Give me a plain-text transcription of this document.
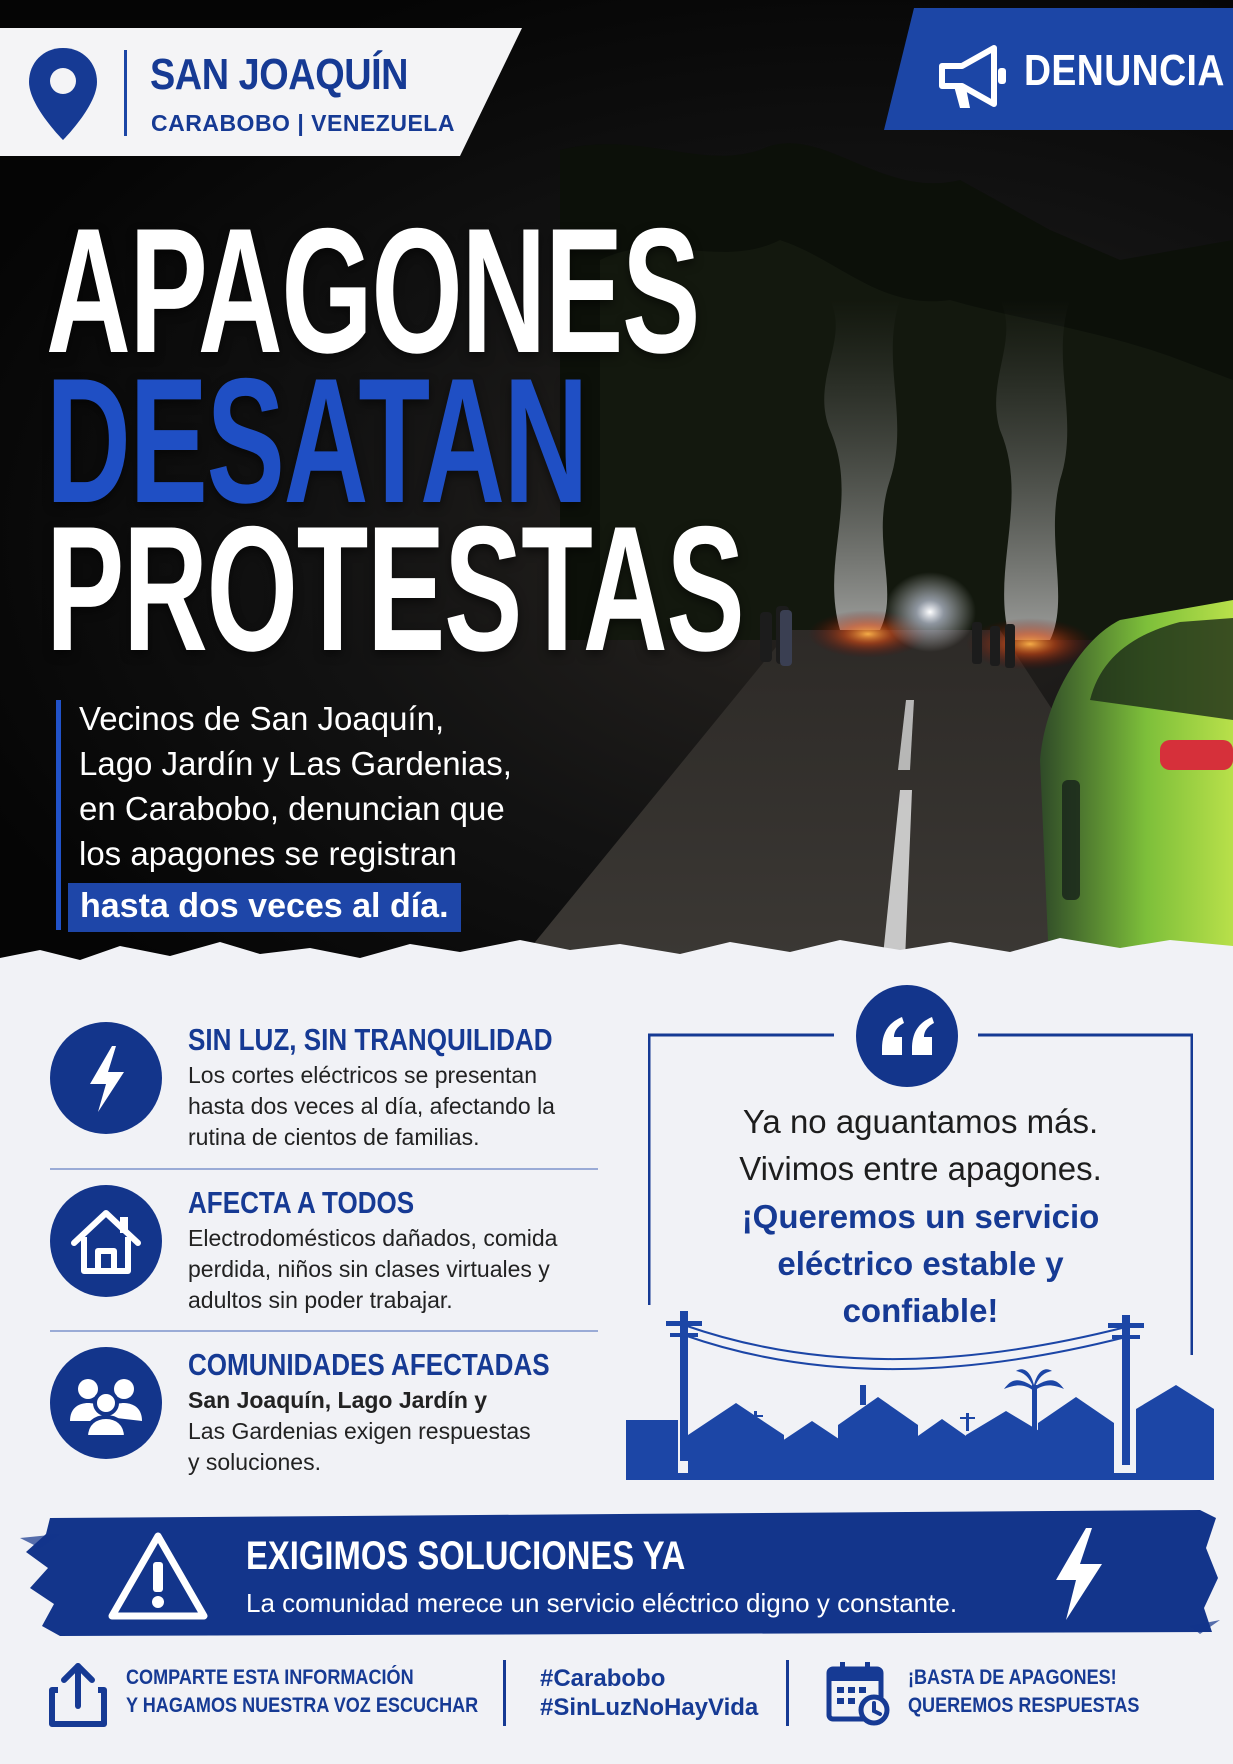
SAN JOAQUÍN
CARABOBO | VENEZUELA
DENUNCIA
APAGONES
DESATAN
PROTESTAS
Vecinos de San Joaquín,
Lago Jardín y Las Gardenias,
en Carabobo, denuncian que
los apagones se registran
hasta dos veces al día.
SIN LUZ, SIN TRANQUILIDAD
Los cortes eléctricos se presentan
hasta dos veces al día, afectando la
rutina de cientos de familias.
AFECTA A TODOS
Electrodomésticos dañados, comida
perdida, niños sin clases virtuales y
adultos sin poder trabajar.
COMUNIDADES AFECTADAS
San Joaquín, Lago Jardín y
Las Gardenias exigen respuestas
y soluciones.
Ya no aguantamos más.
Vivimos entre apagones.
¡Queremos un servicio
eléctrico estable y
confiable!
EXIGIMOS SOLUCIONES YA
La comunidad merece un servicio eléctrico digno y constante.
COMPARTE ESTA INFORMACIÓN
Y HAGAMOS NUESTRA VOZ ESCUCHAR
#Carabobo
#SinLuzNoHayVida
¡BASTA DE APAGONES!
QUEREMOS RESPUESTAS
